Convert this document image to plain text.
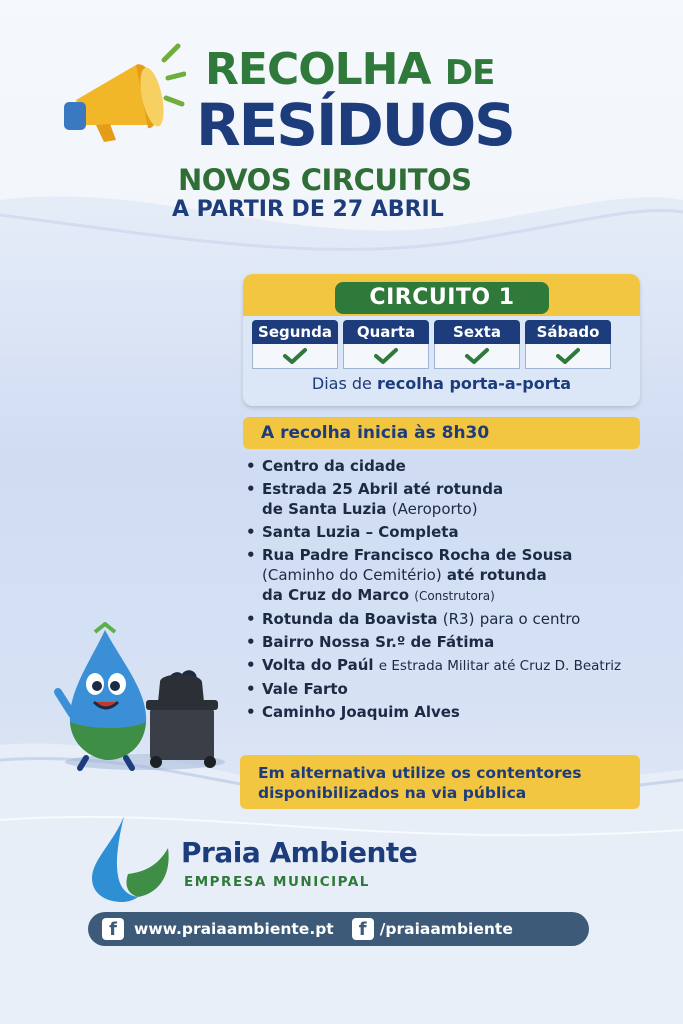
RECOLHA DE
RESÍDUOS
NOVOS CIRCUITOS
A PARTIR DE 27 ABRIL
CIRCUITO 1
Segunda	Quarta	Sexta	Sábado
Dias de recolha porta-a-porta
A recolha inicia às 8h30
• Centro da cidade
• Estrada 25 Abril até rotunda
de Santa Luzia (Aeroporto)
• Santa Luzia – Completa
• Rua Padre Francisco Rocha de Sousa
(Caminho do Cemitério) até rotunda
da Cruz do Marco (Construtora)
• Rotunda da Boavista (R3) para o centro
• Bairro Nossa Sr.º de Fátima
• Volta do Paúl e Estrada Militar até Cruz D. Beatriz
• Vale Farto
• Caminho Joaquim Alves
Em alternativa utilize os contentores
disponibilizados na via pública
Praia Ambiente
EMPRESA MUNICIPAL
f	www.praiaambiente.pt	f /praiaambiente
